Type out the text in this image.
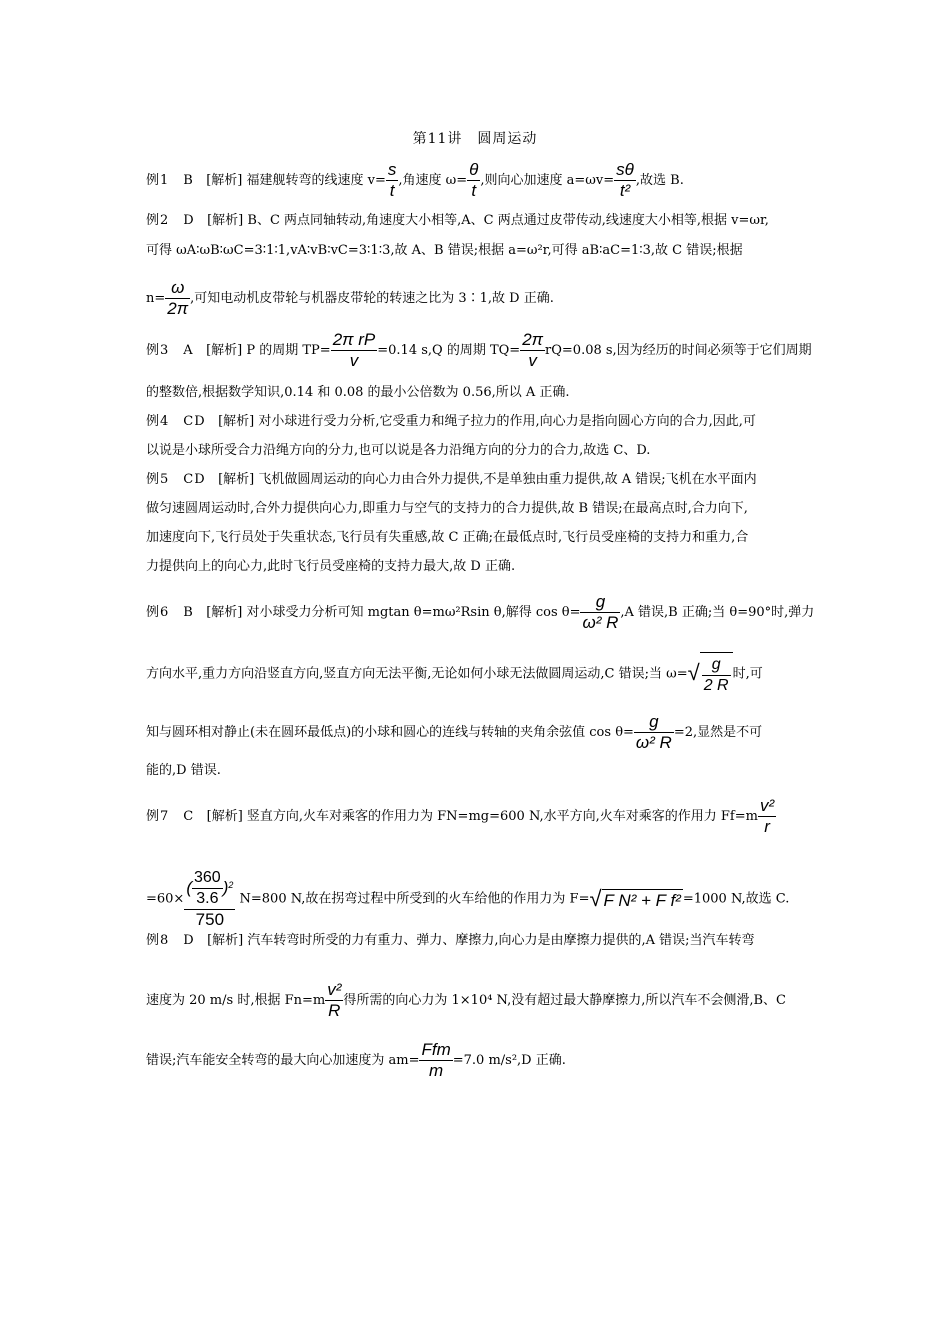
第11讲　圆周运动
例1　B [解析] 福建舰转弯的线速度 $v= \frac{s}{t}$ ,角速度 $\omega= \frac{\theta}{t}$ ,则向心加速度 $a=\omega v= \frac{s\theta}{\text{t²}}$ ,故选 B.
例2　D [解析] B、C 两点同轴转动,角速度大小相等,A、C 两点通过皮带传动,线速度大小相等,根据 v=ωr,
可得 ωA∶ωB∶ωC=3∶1∶1,vA∶vB∶vC=3∶1∶3,故 A、B 错误;根据 a=ω²r,可得 aB∶aC=1∶3,故 C 错误;根据
$n= \frac{\omega}{2\pi}$ ,可知电动机皮带轮与机器皮带轮的转速之比为 3∶1,故 D 正确.
例3　A [解析] P 的周期 $TP= \frac{\text{2π rP}}{v} =0.14$ s,Q 的周期 $TQ= \frac{2\pi}{v} rQ=0.08$ s,因为经历的时间必须等于它们周期
的整数倍,根据数学知识,0.14 和 0.08 的最小公倍数为 0.56,所以 A 正确.
例4　CD [解析] 对小球进行受力分析,它受重力和绳子拉力的作用,向心力是指向圆心方向的合力,因此,可
以说是小球所受合力沿绳方向的分力,也可以说是各力沿绳方向的分力的合力,故选 C、D.
例5　CD [解析] 飞机做圆周运动的向心力由合外力提供,不是单独由重力提供,故 A 错误;飞机在水平面内
做匀速圆周运动时,合外力提供向心力,即重力与空气的支持力的合力提供,故 B 错误;在最高点时,合力向下,
加速度向下,飞行员处于失重状态,飞行员有失重感,故 C 正确;在最低点时,飞行员受座椅的支持力和重力,合
力提供向上的向心力,此时飞行员受座椅的支持力最大,故 D 正确.
例6　B [解析] 对小球受力分析可知 mgtan θ=mω²Rsin θ,解得 $\cos \theta= \frac{g}{\text{ω² R}} ,A$ 错误,B 正确;当 θ=90°时,弹力
方向水平,重力方向沿竖直方向,竖直方向无法平衡,无论如何小球无法做圆周运动,C 错误;当 $\omega=√ \frac{g}{2 R}$ 时,可
知与圆环相对静止(未在圆环最低点)的小球和圆心的连线与转轴的夹角余弦值 $\cos \theta= \frac{g}{\text{ω² R}} =2$,显然是不可
能的,D 错误.
例7　C [解析] 竖直方向,火车对乘客的作用力为 FN=mg=600 N,水平方向,火车对乘客的作用力 $Ff=m \frac{\text{v²}}{r}$
$=60\times \frac{( \frac{360}{3.6} )^2}{750} N=800$ N,故在拐弯过程中所受到的火车给他的作用力为 F=√ F N² + F f² =1000 N,故选 C.
例8　D [解析] 汽车转弯时所受的力有重力、弹力、摩擦力,向心力是由摩擦力提供的,A 错误;当汽车转弯
速度为 20 m/s 时,根据 $Fn=m \frac{\text{v²}}{R}$ 得所需的向心力为 1×10⁴ N,没有超过最大静摩擦力,所以汽车不会侧滑,B、C
错误;汽车能安全转弯的最大向心加速度为 $am= \frac{\text{Ffm}}{m} =7.0$ m/s²,D 正确.
